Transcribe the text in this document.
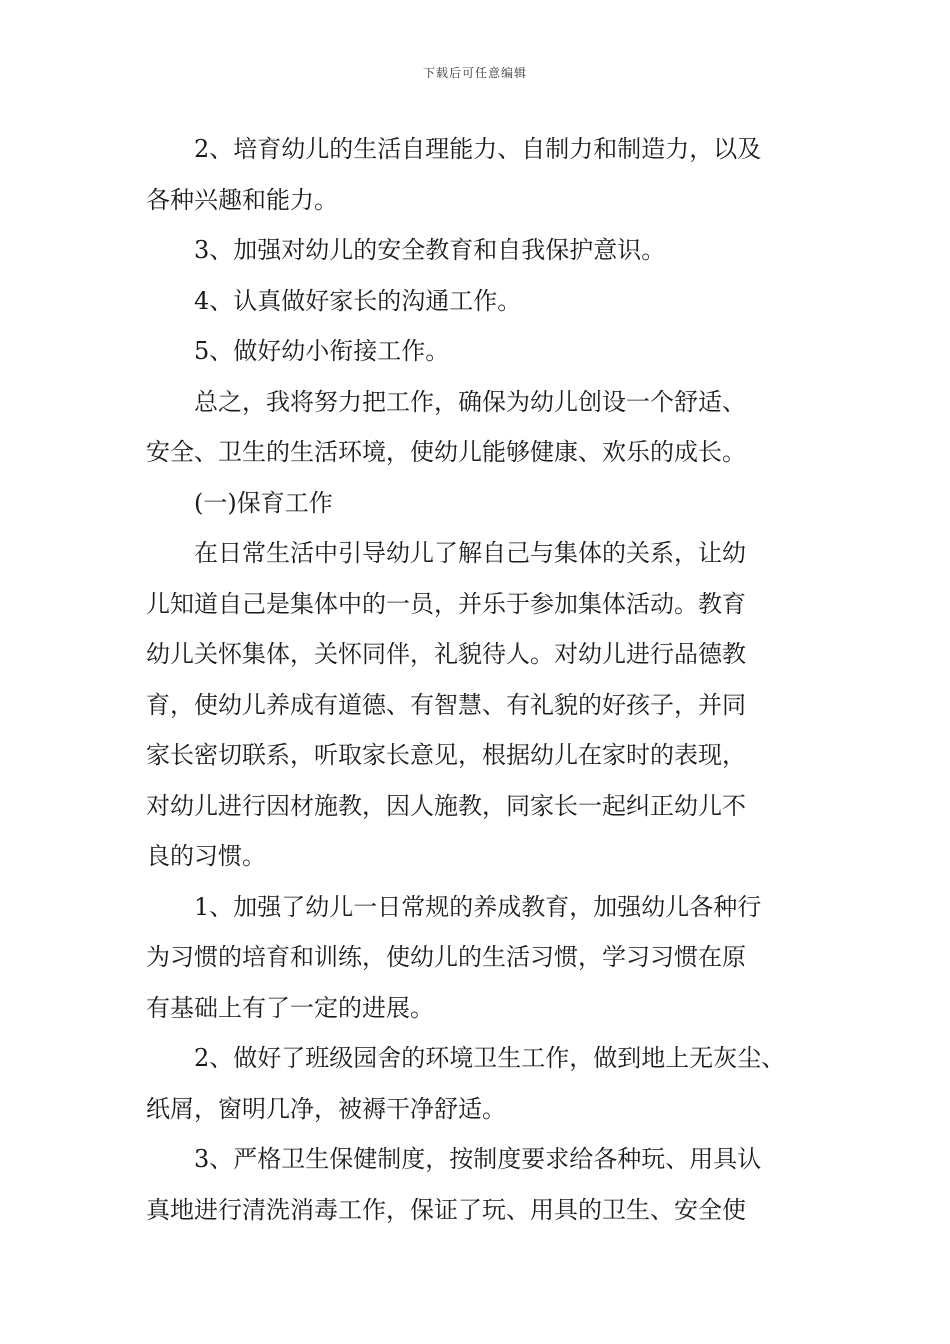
下载后可任意编辑
2、培育幼儿的生活自理能力、自制力和制造力，以及
各种兴趣和能力。
3、加强对幼儿的安全教育和自我保护意识。
4、认真做好家长的沟通工作。
5、做好幼小衔接工作。
总之，我将努力把工作，确保为幼儿创设一个舒适、
安全、卫生的生活环境，使幼儿能够健康、欢乐的成长。
(一)保育工作
在日常生活中引导幼儿了解自己与集体的关系，让幼
儿知道自己是集体中的一员，并乐于参加集体活动。教育
幼儿关怀集体，关怀同伴，礼貌待人。对幼儿进行品德教
育，使幼儿养成有道德、有智慧、有礼貌的好孩子，并同
家长密切联系，听取家长意见，根据幼儿在家时的表现，
对幼儿进行因材施教，因人施教，同家长一起纠正幼儿不
良的习惯。
1、加强了幼儿一日常规的养成教育，加强幼儿各种行
为习惯的培育和训练，使幼儿的生活习惯，学习习惯在原
有基础上有了一定的进展。
2、做好了班级园舍的环境卫生工作，做到地上无灰尘、
纸屑，窗明几净，被褥干净舒适。
3、严格卫生保健制度，按制度要求给各种玩、用具认
真地进行清洗消毒工作，保证了玩、用具的卫生、安全使
